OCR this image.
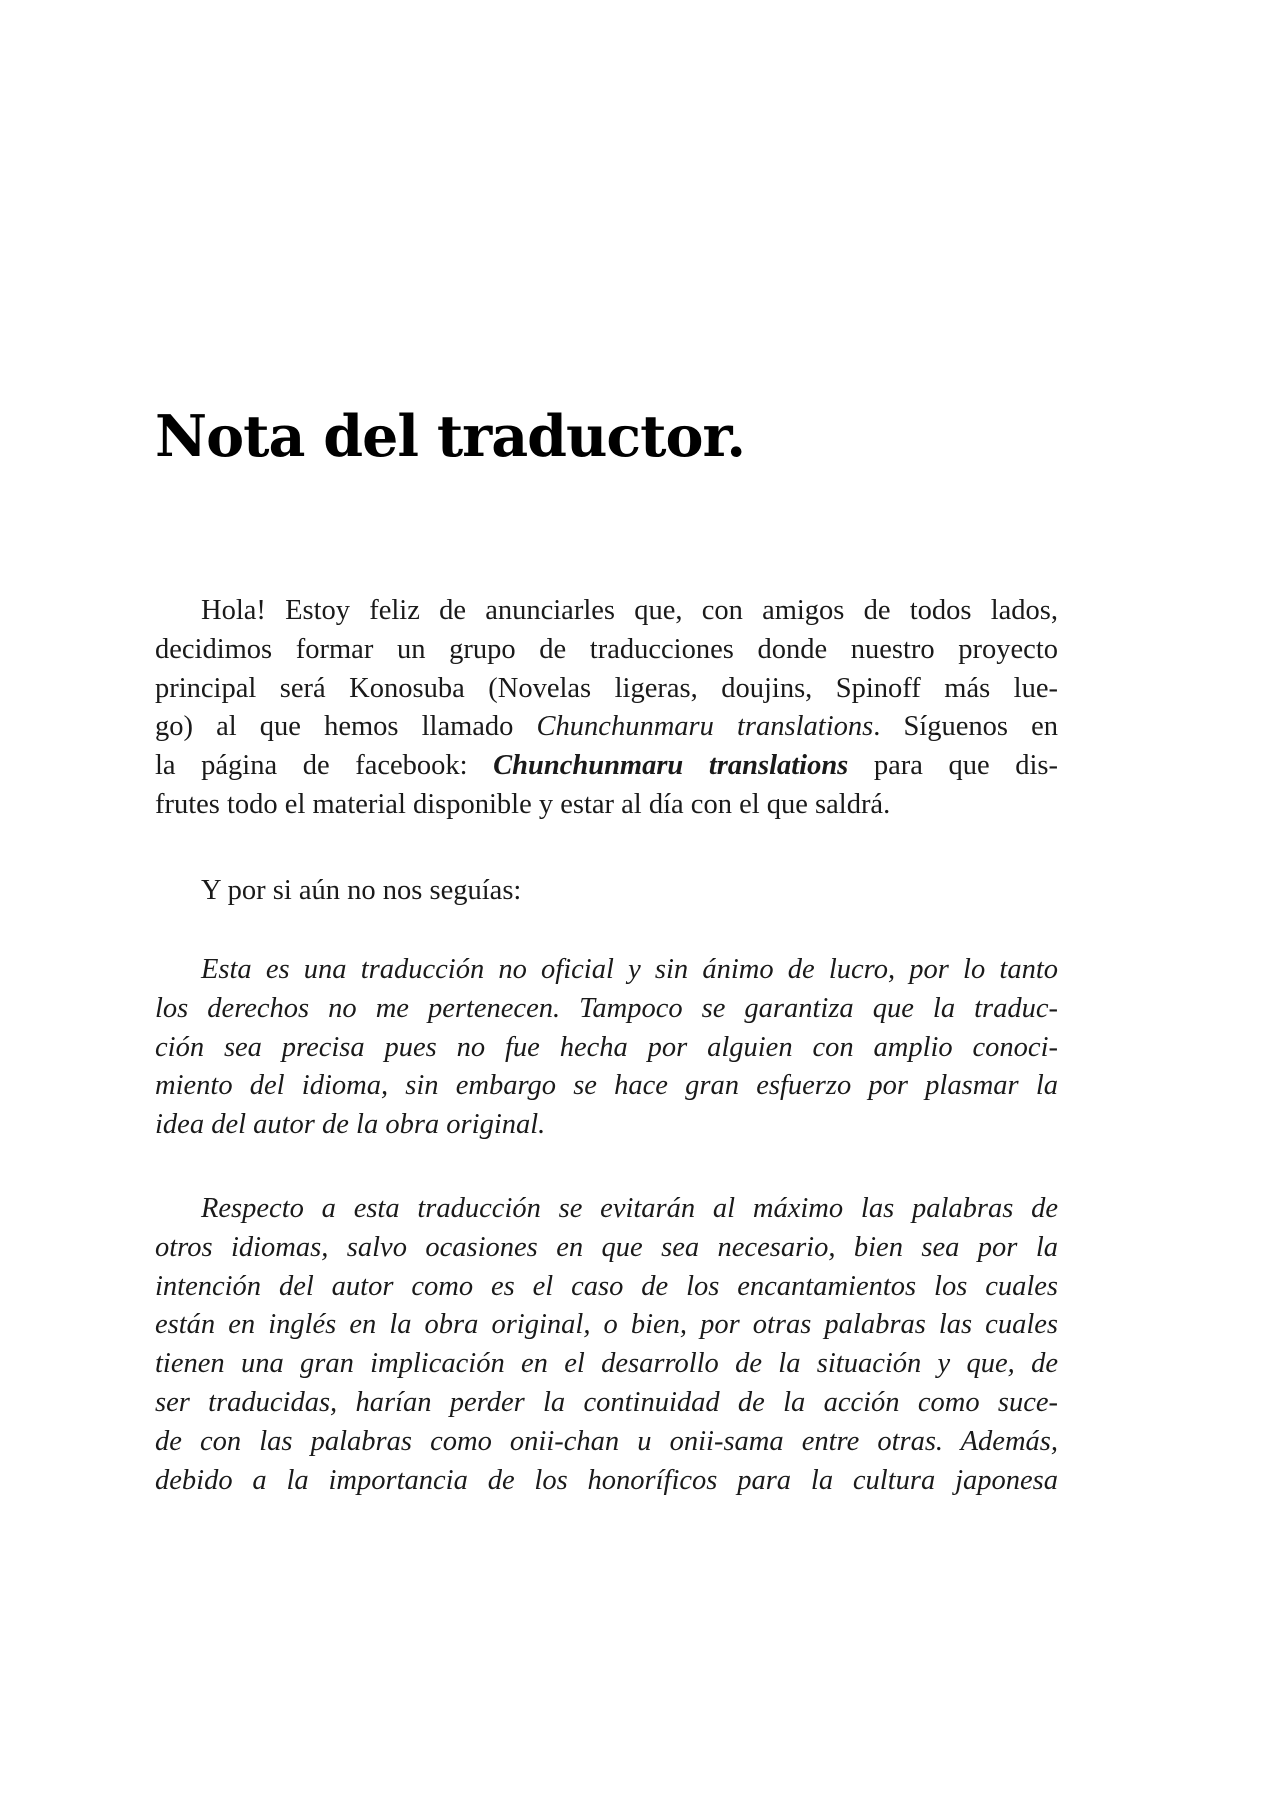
Nota del traductor.

Hola! Estoy feliz de anunciarles que, con amigos de todos lados,
decidimos formar un grupo de traducciones donde nuestro proyecto
principal será Konosuba (Novelas ligeras, doujins, Spinoff más lue-
go) al que hemos llamado Chunchunmaru translations. Síguenos en
la página de facebook: Chunchunmaru translations para que dis-
frutes todo el material disponible y estar al día con el que saldrá.

Y por si aún no nos seguías:

Esta es una traducción no oficial y sin ánimo de lucro, por lo tanto
los derechos no me pertenecen. Tampoco se garantiza que la traduc-
ción sea precisa pues no fue hecha por alguien con amplio conoci-
miento del idioma, sin embargo se hace gran esfuerzo por plasmar la
idea del autor de la obra original.

Respecto a esta traducción se evitarán al máximo las palabras de
otros idiomas, salvo ocasiones en que sea necesario, bien sea por la
intención del autor como es el caso de los encantamientos los cuales
están en inglés en la obra original, o bien, por otras palabras las cuales
tienen una gran implicación en el desarrollo de la situación y que, de
ser traducidas, harían perder la continuidad de la acción como suce-
de con las palabras como onii-chan u onii-sama entre otras. Además,
debido a la importancia de los honoríficos para la cultura japonesa
